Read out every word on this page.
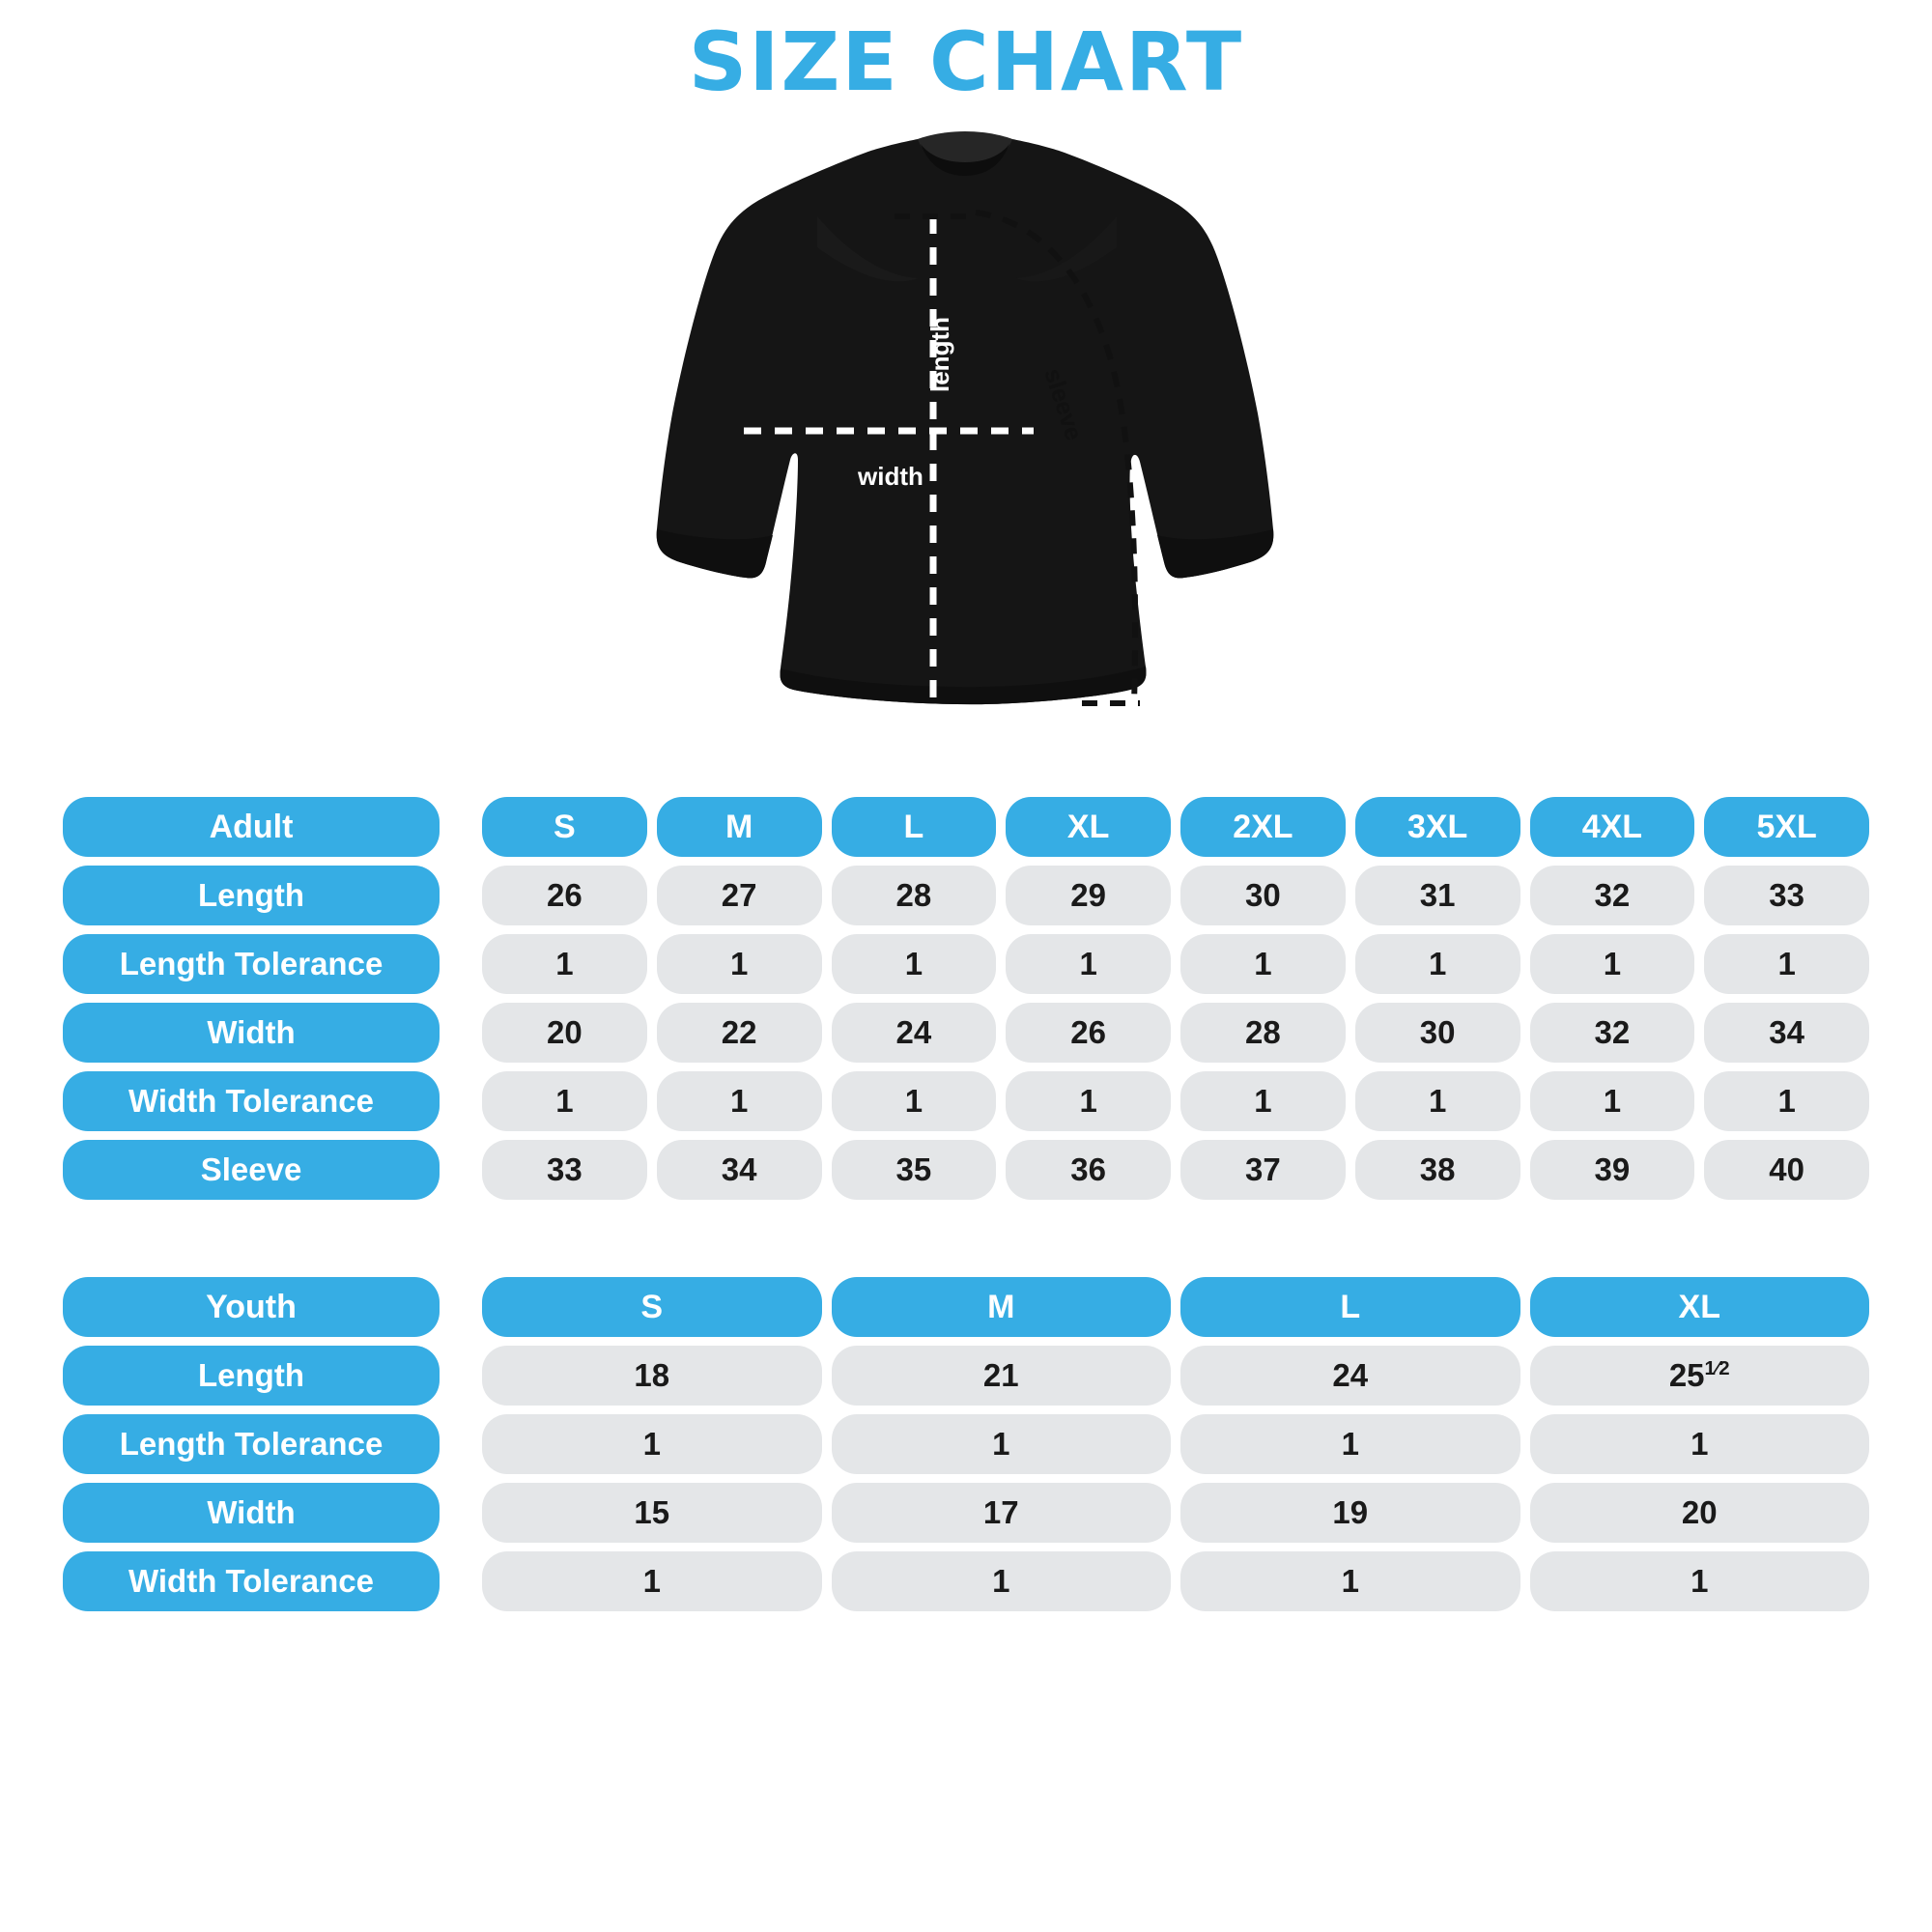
SIZE CHART
width
length
sleeve
Adult		S	M	L	XL	2XL	3XL	4XL	5XL

Length		26	27	28	29	30	31	32	33

Length Tolerance		1	1	1	1	1	1	1	1

Width		20	22	24	26	28	30	32	34

Width Tolerance		1	1	1	1	1	1	1	1

Sleeve		33	34	35	36	37	38	39	40
Youth		S	M	L	XL

Length		18	21	24	$25^{1⁄2}$

Length Tolerance		1	1	1	1

Width		15	17	19	20

Width Tolerance		1	1	1	1
